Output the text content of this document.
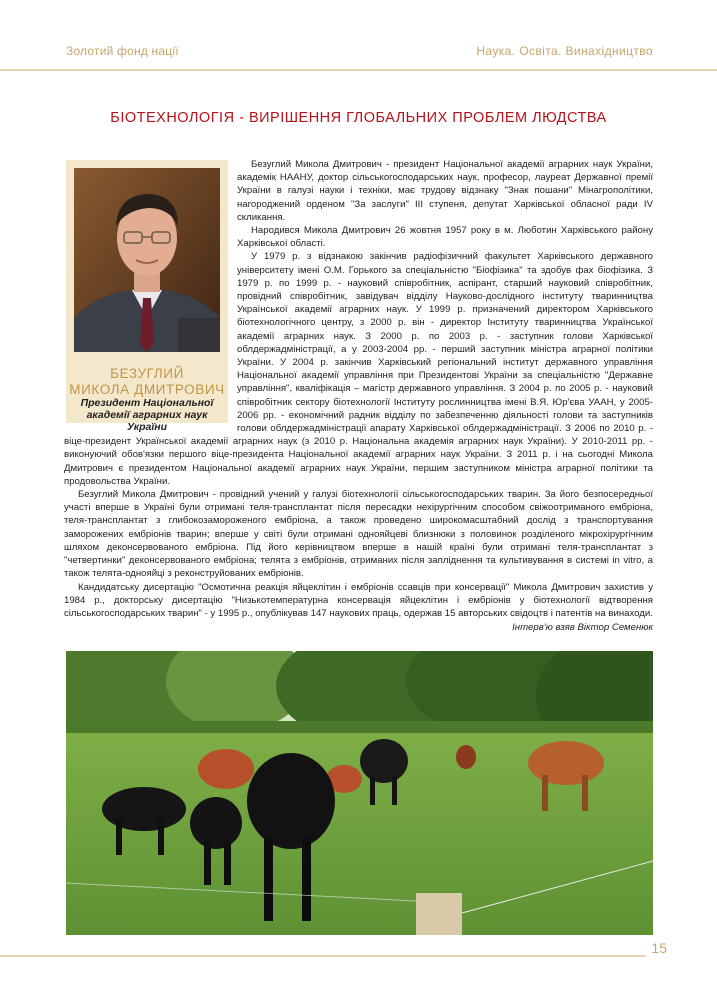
Золотий фонд нації	Наука. Освіта. Винахідництво
БІОТЕХНОЛОГІЯ - ВИРІШЕННЯ ГЛОБАЛЬНИХ ПРОБЛЕМ ЛЮДСТВА
БЕЗУГЛИЙ
МИКОЛА ДМИТРОВИЧ
Президент Національної академії аграрних наук України

Безуглий Микола Дмитрович - президент Національної академії аграрних наук України, академік НААНУ, доктор сільськогосподарських наук, професор, лауреат Державної премії України в галузі науки і техніки, має трудову відзнаку "Знак пошани" Мінагрополітики, нагороджений орденом "За заслуги" ІІІ ступеня, депутат Харківської обласної ради IV скликання.

Народився Микола Дмитрович 26 жовтня 1957 року в м. Люботин Харківського району Харківської області.

У 1979 р. з відзнакою закінчив радіофізичний факультет Харківського державного університету імені О.М. Горького за спеціальністю "Біофізика" та здобув фах біофізика. З 1979 р. по 1999 р. - науковий співробітник, аспірант, старший науковий співробітник, провідний співробітник, завідувач відділу Науково-дослідного інституту тваринництва Української академії аграрних наук. У 1999 р. призначений директором Харківського біотехнологічного центру, з 2000 р. він - директор Інституту тваринництва Української академії аграрних наук. З 2000 р. по 2003 р. - заступник голови Харківської облдержадміністрації, а у 2003-2004 рр. - перший заступник міністра аграрної політики України. У 2004 р. закінчив Харківський регіональний інститут державного управління Національної академії управління при Президентові України за спеціальністю "Державне управління", кваліфікація – магістр державного управління. З 2004 р. по 2005 р. - науковий співробітник сектору біотехнології Інституту рослинництва імені В.Я. Юр'єва УААН, у 2005-2006 рр. - економічний радник відділу по забезпеченню діяльності голови та заступників голови облдержадміністрації апарату Харківської облдержадміністрації. З 2006 по 2010 р. - віце-президент Української академії аграрних наук (з 2010 р. Національна академія аграрних наук України). У 2010-2011 рр. - виконуючий обов'язки першого віце-президента Національної академії аграрних наук України. З 2011 р. і на сьогодні Микола Дмитрович є президентом Національної академії аграрних наук України, першим заступником міністра аграрної політики та продовольства України.

Безуглий Микола Дмитрович - провідний учений у галузі біотехнології сільськогосподарських тварин. За його безпосередньої участі вперше в Україні були отримані теля-трансплантат після пересадки нехірургічним способом свіжоотриманого ембріона, теля-трансплантат з глибокозамороженого ембріона, а також проведено широкомасштабний дослід з транспортування заморожених ембріонів тварин; вперше у світі були отримані однояйцеві близнюки з половинок розділеного мікрохірургічним шляхом деконсервованого ембріона. Під його керівництвом вперше в нашій країні були отримані теля-трансплантат з "четвертинки" деконсервованого ембріона; телята з ембріонів, отриманих після запліднення та культивування в системі in vitro, а також телята-однояйці з реконструйованих ембріонів.

Кандидатську дисертацію "Осмотична реакція яйцеклітин і ембріонів ссавців при консервації" Микола Дмитрович захистив у 1984 р., докторську дисертацію "Низькотемпературна консервація яйцеклітин і ембріонів у біотехнології відтворення сільськогосподарських тварин" - у 1995 р., опублікував 147 наукових праць, одержав 15 авторських свідоцтв і патентів на винаходи.

Інтерв'ю взяв Віктор Семенюк
15
